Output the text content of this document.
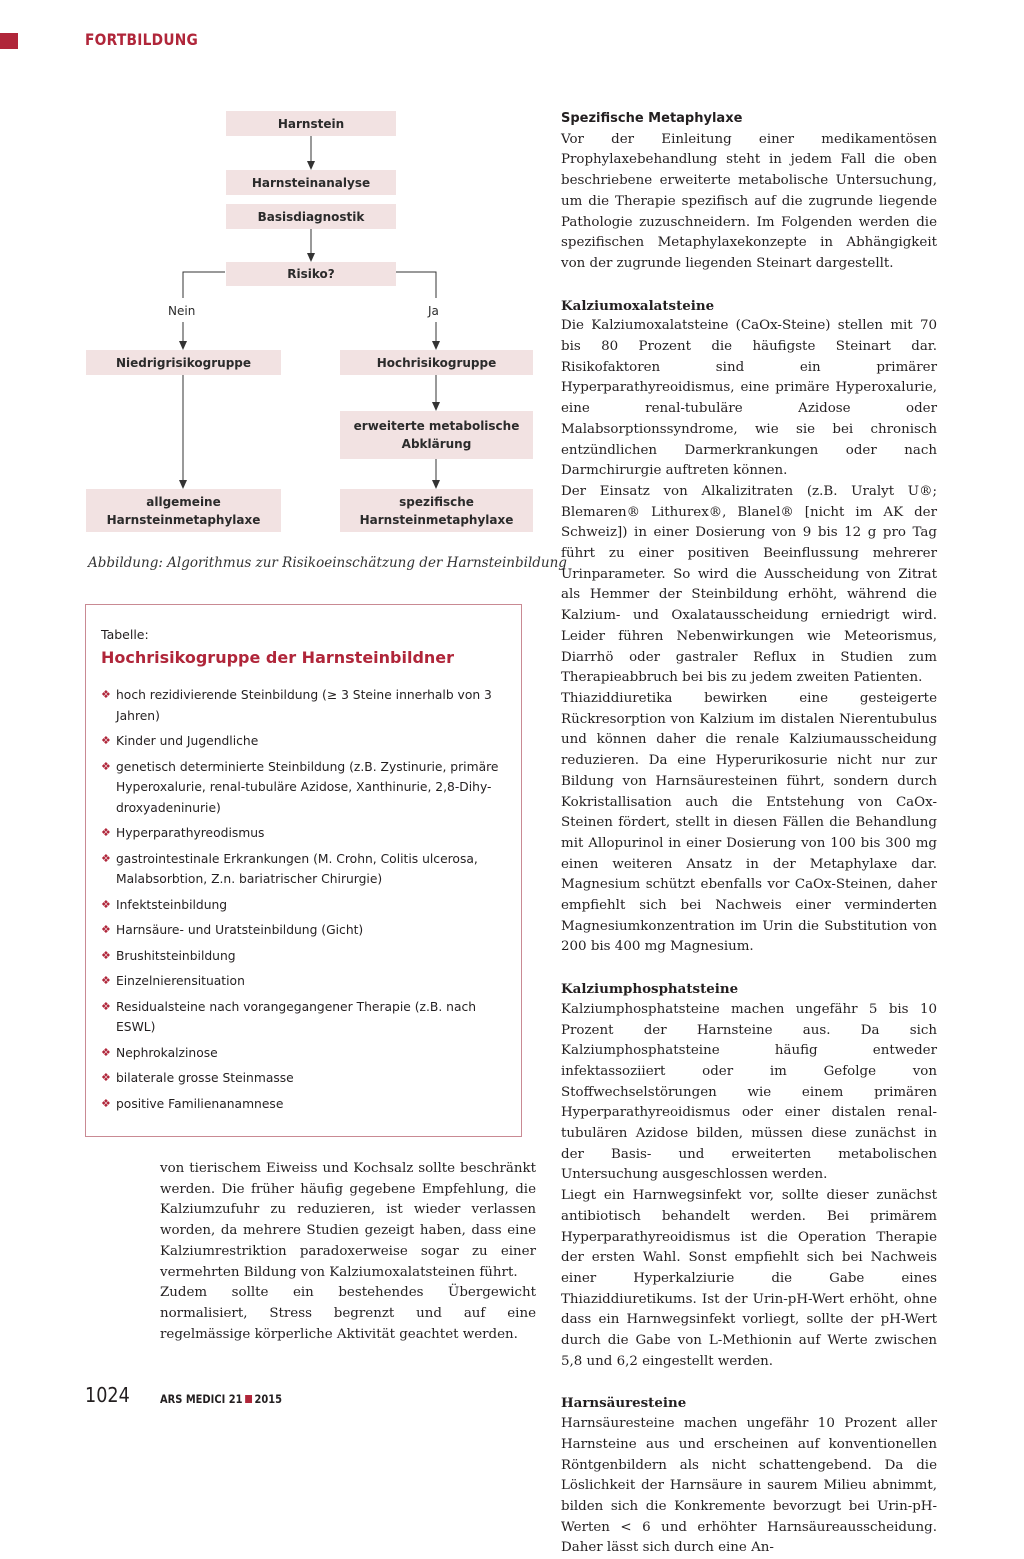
FORTBILDUNG
Harnstein
Harnsteinanalyse
Basisdiagnostik
Risiko?
Nein	Ja
Niedrigrisikogruppe	Hochrisikogruppe
erweiterte metabolische
Abklärung
allgemeine
Harnsteinmetaphylaxe
spezifische
Harnsteinmetaphylaxe
Abbildung: Algorithmus zur Risikoeinschätzung der Harnsteinbildung
Tabelle:
Hochrisikogruppe der Harnsteinbildner
❖ hoch rezidivierende Steinbildung (≥ 3 Steine innerhalb von 3 Jahren)
❖ Kinder und Jugendliche
❖ genetisch determinierte Steinbildung (z.B. Zystinurie, primäre Hyperoxalurie, renal-tubuläre Azidose, Xanthinurie, 2,8-Dihy-droxyadeninurie)
❖ Hyperparathyreodismus
❖ gastrointestinale Erkrankungen (M. Crohn, Colitis ulcerosa, Malabsorbtion, Z.n. bariatrischer Chirurgie)
❖ Infektsteinbildung
❖ Harnsäure- und Uratsteinbildung (Gicht)
❖ Brushitsteinbildung
❖ Einzelnierensituation
❖ Residualsteine nach vorangegangener Therapie (z.B. nach ESWL)
❖ Nephrokalzinose
❖ bilaterale grosse Steinmasse
❖ positive Familienanamnese

von tierischem Eiweiss und Kochsalz sollte beschränkt werden. Die früher häufig gegebene Empfehlung, die Kalziumzufuhr zu reduzieren, ist wieder verlassen worden, da mehrere Studien gezeigt haben, dass eine Kalziumrestriktion paradoxerweise sogar zu einer vermehrten Bildung von Kalziumoxalatsteinen führt.

Zudem sollte ein bestehendes Übergewicht normalisiert, Stress begrenzt und auf eine regelmässige körperliche Aktivität geachtet werden.

Spezifische Metaphylaxe

Vor der Einleitung einer medikamentösen Prophylaxebehandlung steht in jedem Fall die oben beschriebene erweiterte metabolische Untersuchung, um die Therapie spezifisch auf die zugrunde liegende Pathologie zuzuschneidern. Im Folgenden werden die spezifischen Metaphylaxekonzepte in Abhängigkeit von der zugrunde liegenden Steinart dargestellt.

Kalziumoxalatsteine

Die Kalziumoxalatsteine (CaOx-Steine) stellen mit 70 bis 80 Prozent die häufigste Steinart dar. Risikofaktoren sind ein primärer Hyperparathyreoidismus, eine primäre Hyperoxalurie, eine renal-tubuläre Azidose oder Malabsorptionssyndrome, wie sie bei chronisch entzündlichen Darmerkrankungen oder nach Darmchirurgie auftreten können.

Der Einsatz von Alkalizitraten (z.B. Uralyt U®; Blemaren® Lithurex®, Blanel® [nicht im AK der Schweiz]) in einer Dosierung von 9 bis 12 g pro Tag führt zu einer positiven Beeinflussung mehrerer Urinparameter. So wird die Ausscheidung von Zitrat als Hemmer der Steinbildung erhöht, während die Kalzium- und Oxalatausscheidung erniedrigt wird. Leider führen Nebenwirkungen wie Meteorismus, Diarrhö oder gastraler Reflux in Studien zum Therapieabbruch bei bis zu jedem zweiten Patienten.

Thiaziddiuretika bewirken eine gesteigerte Rückresorption von Kalzium im distalen Nierentubulus und können daher die renale Kalziumausscheidung reduzieren. Da eine Hyperurikosurie nicht nur zur Bildung von Harnsäuresteinen führt, sondern durch Kokristallisation auch die Entstehung von CaOx-Steinen fördert, stellt in diesen Fällen die Behandlung mit Allopurinol in einer Dosierung von 100 bis 300 mg einen weiteren Ansatz in der Metaphylaxe dar. Magnesium schützt ebenfalls vor CaOx-Steinen, daher empfiehlt sich bei Nachweis einer verminderten Magnesiumkonzentration im Urin die Substitution von 200 bis 400 mg Magnesium.

Kalziumphosphatsteine

Kalziumphosphatsteine machen ungefähr 5 bis 10 Prozent der Harnsteine aus. Da sich Kalziumphosphatsteine häufig entweder infektassoziiert oder im Gefolge von Stoffwechselstörungen wie einem primären Hyperparathyreoidismus oder einer distalen renal-tubulären Azidose bilden, müssen diese zunächst in der Basis- und erweiterten metabolischen Untersuchung ausgeschlossen werden.

Liegt ein Harnwegsinfekt vor, sollte dieser zunächst antibiotisch behandelt werden. Bei primärem Hyperparathyreoidismus ist die Operation Therapie der ersten Wahl. Sonst empfiehlt sich bei Nachweis einer Hyperkalziurie die Gabe eines Thiaziddiuretikums. Ist der Urin-pH-Wert erhöht, ohne dass ein Harnwegsinfekt vorliegt, sollte der pH-Wert durch die Gabe von L-Methionin auf Werte zwischen 5,8 und 6,2 eingestellt werden.

Harnsäuresteine

Harnsäuresteine machen ungefähr 10 Prozent aller Harnsteine aus und erscheinen auf konventionellen Röntgenbildern als nicht schattengebend. Da die Löslichkeit der Harnsäure in saurem Milieu abnimmt, bilden sich die Konkremente bevorzugt bei Urin-pH-Werten < 6 und erhöhter Harnsäureausscheidung. Daher lässt sich durch eine An-

1024	ARS MEDICI 21 2015
